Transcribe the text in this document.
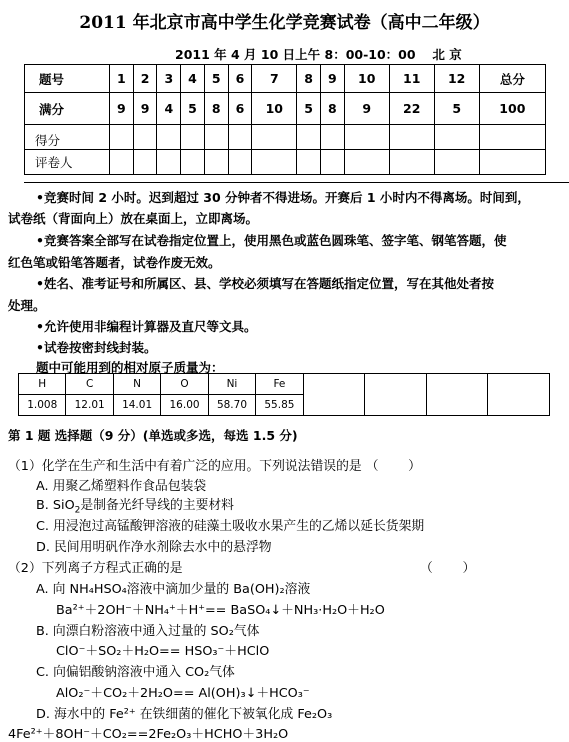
2011 年北京市高中学生化学竞赛试卷（高中二年级）
2011 年 4 月 10 日上午 8：00-10：00　 北 京
题号	1	2	3	4	5	6	7	8	9	10	11	12	总分
满分	9	9	4	5	8	6	10	5	8	9	22	5	100
得分													
评卷人													
•竞赛时间 2 小时。迟到超过 30 分钟者不得进场。开赛后 1 小时内不得离场。时间到，
试卷纸（背面向上）放在桌面上，立即离场。
•竞赛答案全部写在试卷指定位置上，使用黑色或蓝色圆珠笔、签字笔、钢笔答题，使
红色笔或铅笔答题者，试卷作废无效。
•姓名、准考证号和所属区、县、学校必须填写在答题纸指定位置，写在其他处者按
处理。
•允许使用非编程计算器及直尺等文具。
•试卷按密封线封装。
题中可能用到的相对原子质量为：
H	C	N	O	Ni	Fe				
1.008	12.01	14.01	16.00	58.70	55.85				
第 1 题 选择题（9 分）(单选或多选，每选 1.5 分)
（1）化学在生产和生活中有着广泛的应用。下列说法错误的是 （　　 ）
A. 用聚乙烯塑料作食品包装袋
B. SiO$_2$是制备光纤导线的主要材料
C. 用浸泡过高锰酸钾溶液的硅藻土吸收水果产生的乙烯以延长货架期
D. 民间用明矾作净水剂除去水中的悬浮物
（2）下列离子方程式正确的是	（　　 ）
A. 向 NH₄HSO₄溶液中滴加少量的 Ba(OH)₂溶液
Ba²⁺＋2OH⁻＋NH₄⁺＋H⁺== BaSO₄↓＋NH₃·H₂O＋H₂O
B. 向漂白粉溶液中通入过量的 SO₂气体
ClO⁻＋SO₂＋H₂O== HSO₃⁻＋HClO
C. 向偏铝酸钠溶液中通入 CO₂气体
AlO₂⁻＋CO₂＋2H₂O== Al(OH)₃↓＋HCO₃⁻
D. 海水中的 Fe²⁺ 在铁细菌的催化下被氧化成 Fe₂O₃
4Fe²⁺＋8OH⁻＋CO₂==2Fe₂O₃＋HCHO＋3H₂O
